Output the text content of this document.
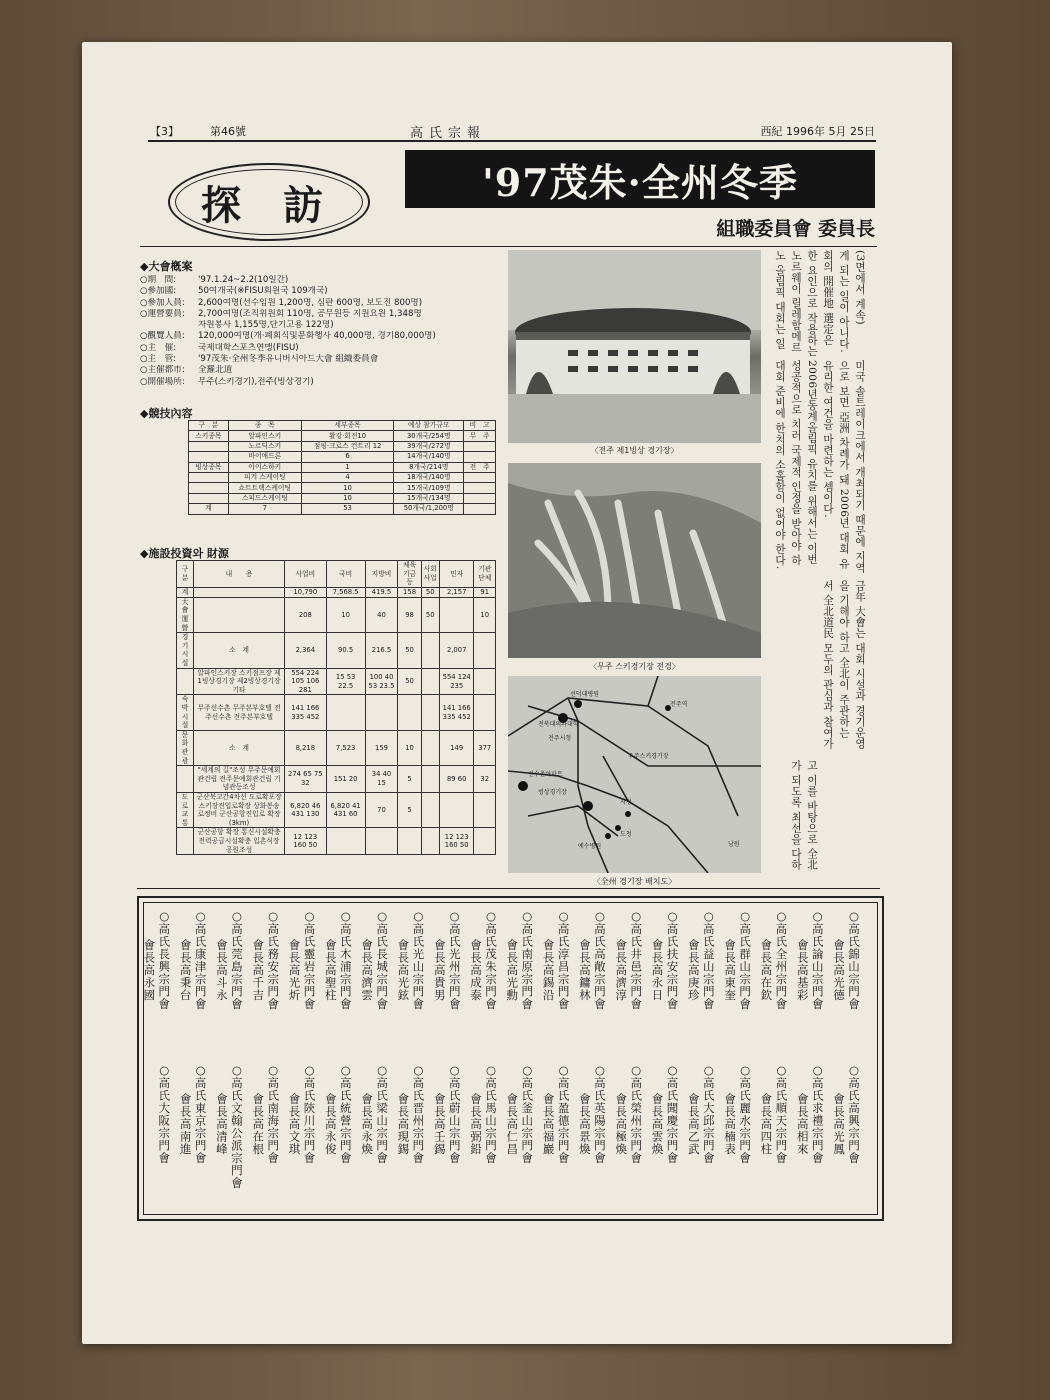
【3】	第46號	高氏宗報	西紀 1996年 5月 25日
探 訪	'97茂朱·全州冬季
組職委員會 委員長
◆大會槪案
○期　間:	'97.1.24~2.2(10일간)
○參加國:	50여개국(※FISU회원국 109개국)
○參加人員: 2,600여명(선수임원 1,200명, 심판 600명, 보도진 800명)
○運營要員: 2,700여명(조직위원회 110명, 공무원등 지원요원 1,348명
자원봉사 1,155명,단기고용 122명)
○觀覽人員: 120,000여명(개·폐회식및문화행사 40,000명, 경기80,000명)
○主　催:	국제대학스포츠연맹(FISU)
○主　管:	'97茂朱·全州冬季유니버시아드大會 組織委員會
○主催都市: 全羅北道
○開催場所: 무주(스키경기),전주(빙상경기)
◆競技內容
구　분	종　목	세부종목	예상 참가규모	비　고
스키종목	알파인스키	활강·회전10	30개국/254명	무　주
	노르딕스키	점핑·크로스 컨트리 12	39개국/272명	
	바이애드론	6	14개국/140명	
빙상종목	아이스하키	1	8개국/214명	전　주
	피겨 스케이팅	4	18개국/140명	
	쇼트트랙스케이팅	10	15개국/109명	
	스피드스케이팅	10	15개국/134명	
계	7	53	50개국/1,200명	
◆施設投資와 財源
구분	내　　용	사업비	국비	지방비	체육기금등	사회사업	민자	기관단체
계		10,790	7,568.5	419.5	158	50	2,157	91
大會運營		208	10	40	98	50		10
경기시설	소　계	2,364	90.5	216.5	50		2,007	
	알파인스키장 스키점프장 제1빙상경기장 제2빙상경기장 기타	554 224 105 106 281	15 53 22.5	100 40 53 23.5	50		554 124 235	
숙박시설	무주선수촌 무주본부호텔 전주선수촌 전주본부호텔	141 166 335 452					141 166 335 452	
문화관광	소　계	8,218	7,523	159	10		149	377
	"세계의 길"조성 무주문예회관건립 전주문예회관건립 기념관등조성	274 65 75 32	151 20	34 40 15	5		89 60	32
도로교통	군산북고간4차선 도로확포장 스키장진입로확장 상화봉송로정비 군산공항진입로 확장(3km)	6,820 46 431 130	6,820 41 431 60	70	5			
	군산공항 확장 통신시설확충 전력공급시설확충 입촌식장공원조성	12 123 160 50					12 123 160 50	
〈전주 제1빙상 경기장〉
〈무주 스키경기장 전경〉
선덕대병원
전주역
전북대의과대학
전주시청
우주스키경기장
빙상경기장
시청
도청
예수병원	남원
선수촌아파트
〈全州 경기장 배치도〉
(3면에서 계속)
게 되는 일이 아니다.
회의 開催地 選定은
한 요인으로 작용하는
노르웨이 릴레함메르
노 올림픽 대회는 일
미국 솔트레이크에서 개최되기 때문에 지역
으로 보면 亞洲 차례가 돼 2006년 대회 유
유리한 여건을 마련하는 셈이다.
2006년동계올림픽 유치를 위해서는 이번
성공적으로 치러 국제적 인정을 받아야 하
대회 준비에 한치의 소홀함이 없어야 한다.
금年 大會는 대회 시설과 경기운영
을 기해야 하고 全北이 주관하는
서 全北道民 모두의 관심과 참여가
고 이를 바탕으로 全北
가 되도록 최선을 다하
○高氏錦山宗門會
會長高光德
○高氏論山宗門會
會長高基彩
○高氏全州宗門會
會長高在欽
○高氏群山宗門會
會長高東奎
○高氏益山宗門會
會長高庚珍
○高氏扶安宗門會
會長高永日
○高氏井邑宗門會
會長高濟淳
○高氏高敞宗門會
會長高鏞林
○高氏淳昌宗門會
會長高錫沿
○高氏南原宗門會
會長高光勳
○高氏茂朱宗門會
會長高成泰
○高氏光州宗門會
會長高貴男
○高氏光山宗門會
會長高光鉉
○高氏長城宗門會
會長高濟雲
○高氏木浦宗門會
會長高聖柱
○高氏靈岩宗門會
會長高光炘
○高氏務安宗門會
會長高千吉
○高氏莞島宗門會
會長高斗永
○高氏康津宗門會
會長高秉台
○高氏長興宗門會
會長高永國
○高氏高興宗門會
會長高光鳳
○高氏求禮宗門會
會長高相來
○高氏順天宗門會
會長高四柱
○高氏麗水宗門會
會長高楠表
○高氏大邱宗門會
會長高乙武
○高氏聞慶宗門會
會長高雲煥
○高氏榮州宗門會
會長高極煥
○高氏英陽宗門會
會長高景煥
○高氏盈德宗門會
會長高福巖
○高氏釜山宗門會
會長高仁昌
○高氏馬山宗門會
會長高弼鉛
○高氏蔚山宗門會
會長高壬錫
○高氏晋州宗門會
會長高現錫
○高氏梁山宗門會
會長高永煥
○高氏統營宗門會
會長高永俊
○高氏陝川宗門會
會長高文琪
○高氏南海宗門會
會長高在根
○高氏文翰公派宗門會
會長高清峰
○高氏東京宗門會
會長高南進
○高氏大阪宗門會
